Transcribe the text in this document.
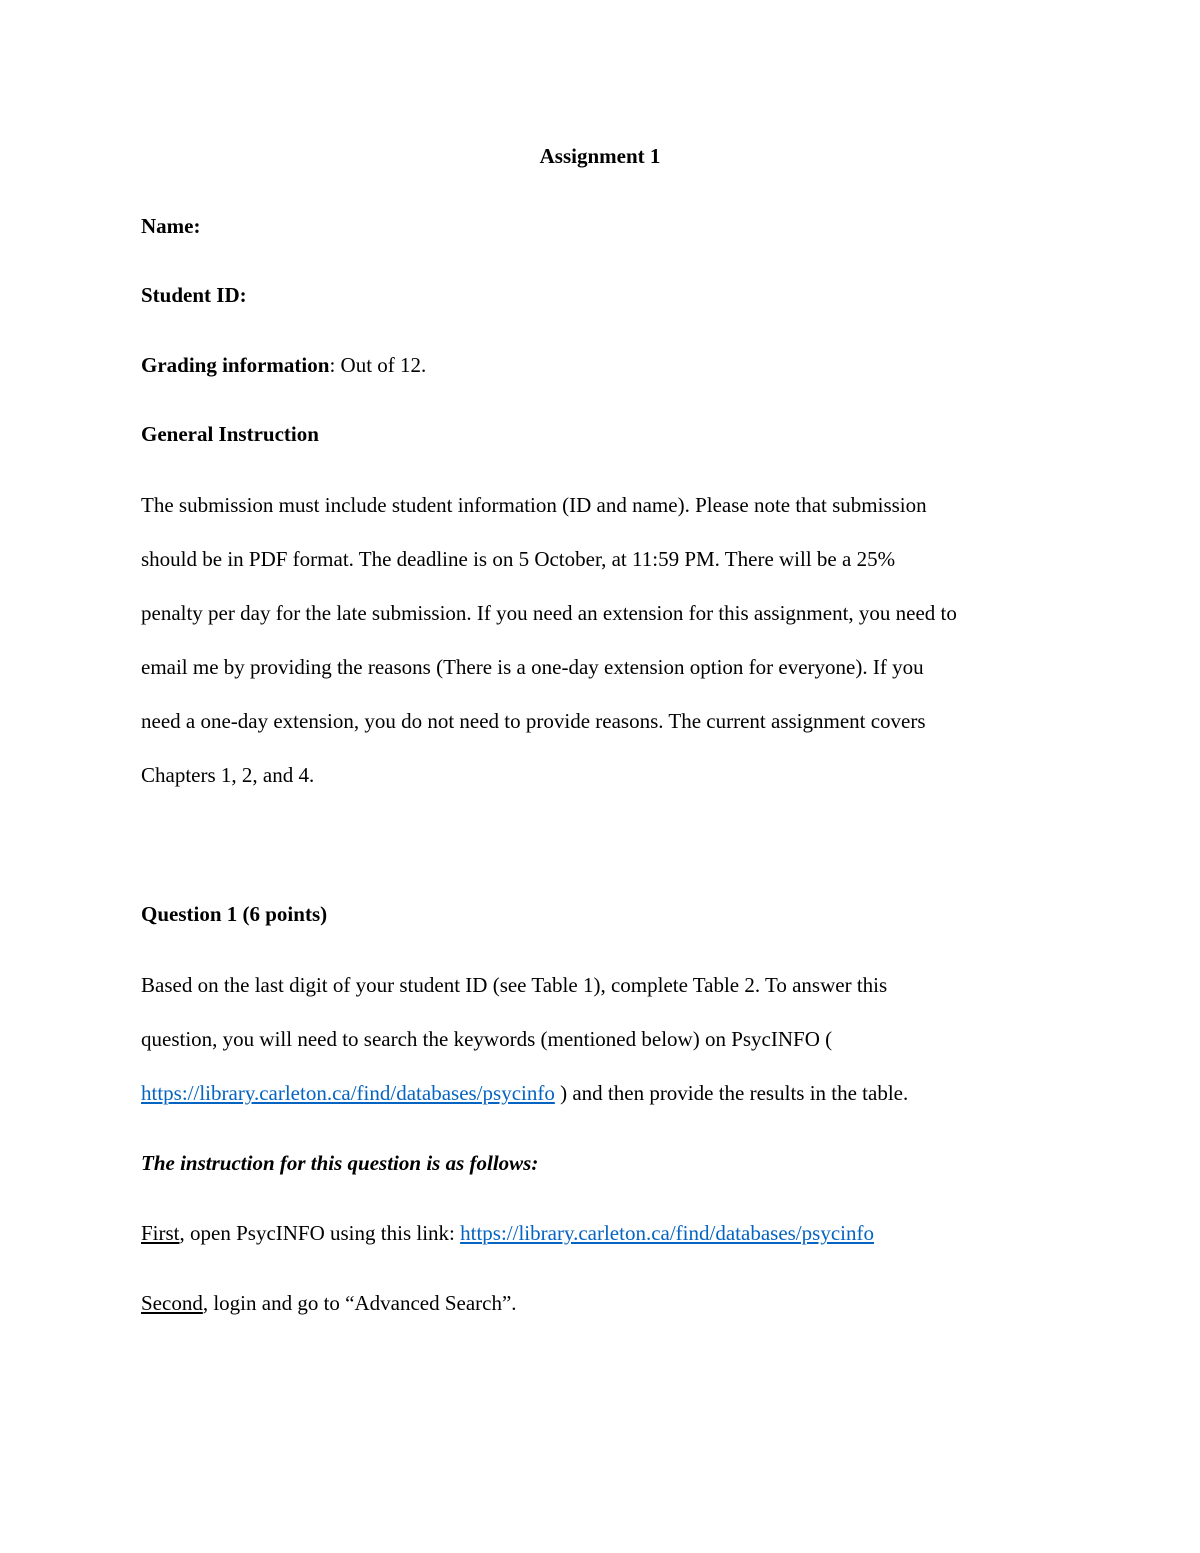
Assignment 1
Name:
Student ID:
Grading information: Out of 12.
General Instruction
The submission must include student information (ID and name). Please note that submission
should be in PDF format. The deadline is on 5 October, at 11:59 PM. There will be a 25%
penalty per day for the late submission. If you need an extension for this assignment, you need to
email me by providing the reasons (There is a one-day extension option for everyone). If you
need a one-day extension, you do not need to provide reasons. The current assignment covers
Chapters 1, 2, and 4.
Question 1 (6 points)
Based on the last digit of your student ID (see Table 1), complete Table 2. To answer this
question, you will need to search the keywords (mentioned below) on PsycINFO (
https://library.carleton.ca/find/databases/psycinfo ) and then provide the results in the table.
The instruction for this question is as follows:
First, open PsycINFO using this link: https://library.carleton.ca/find/databases/psycinfo
Second, login and go to “Advanced Search”.
